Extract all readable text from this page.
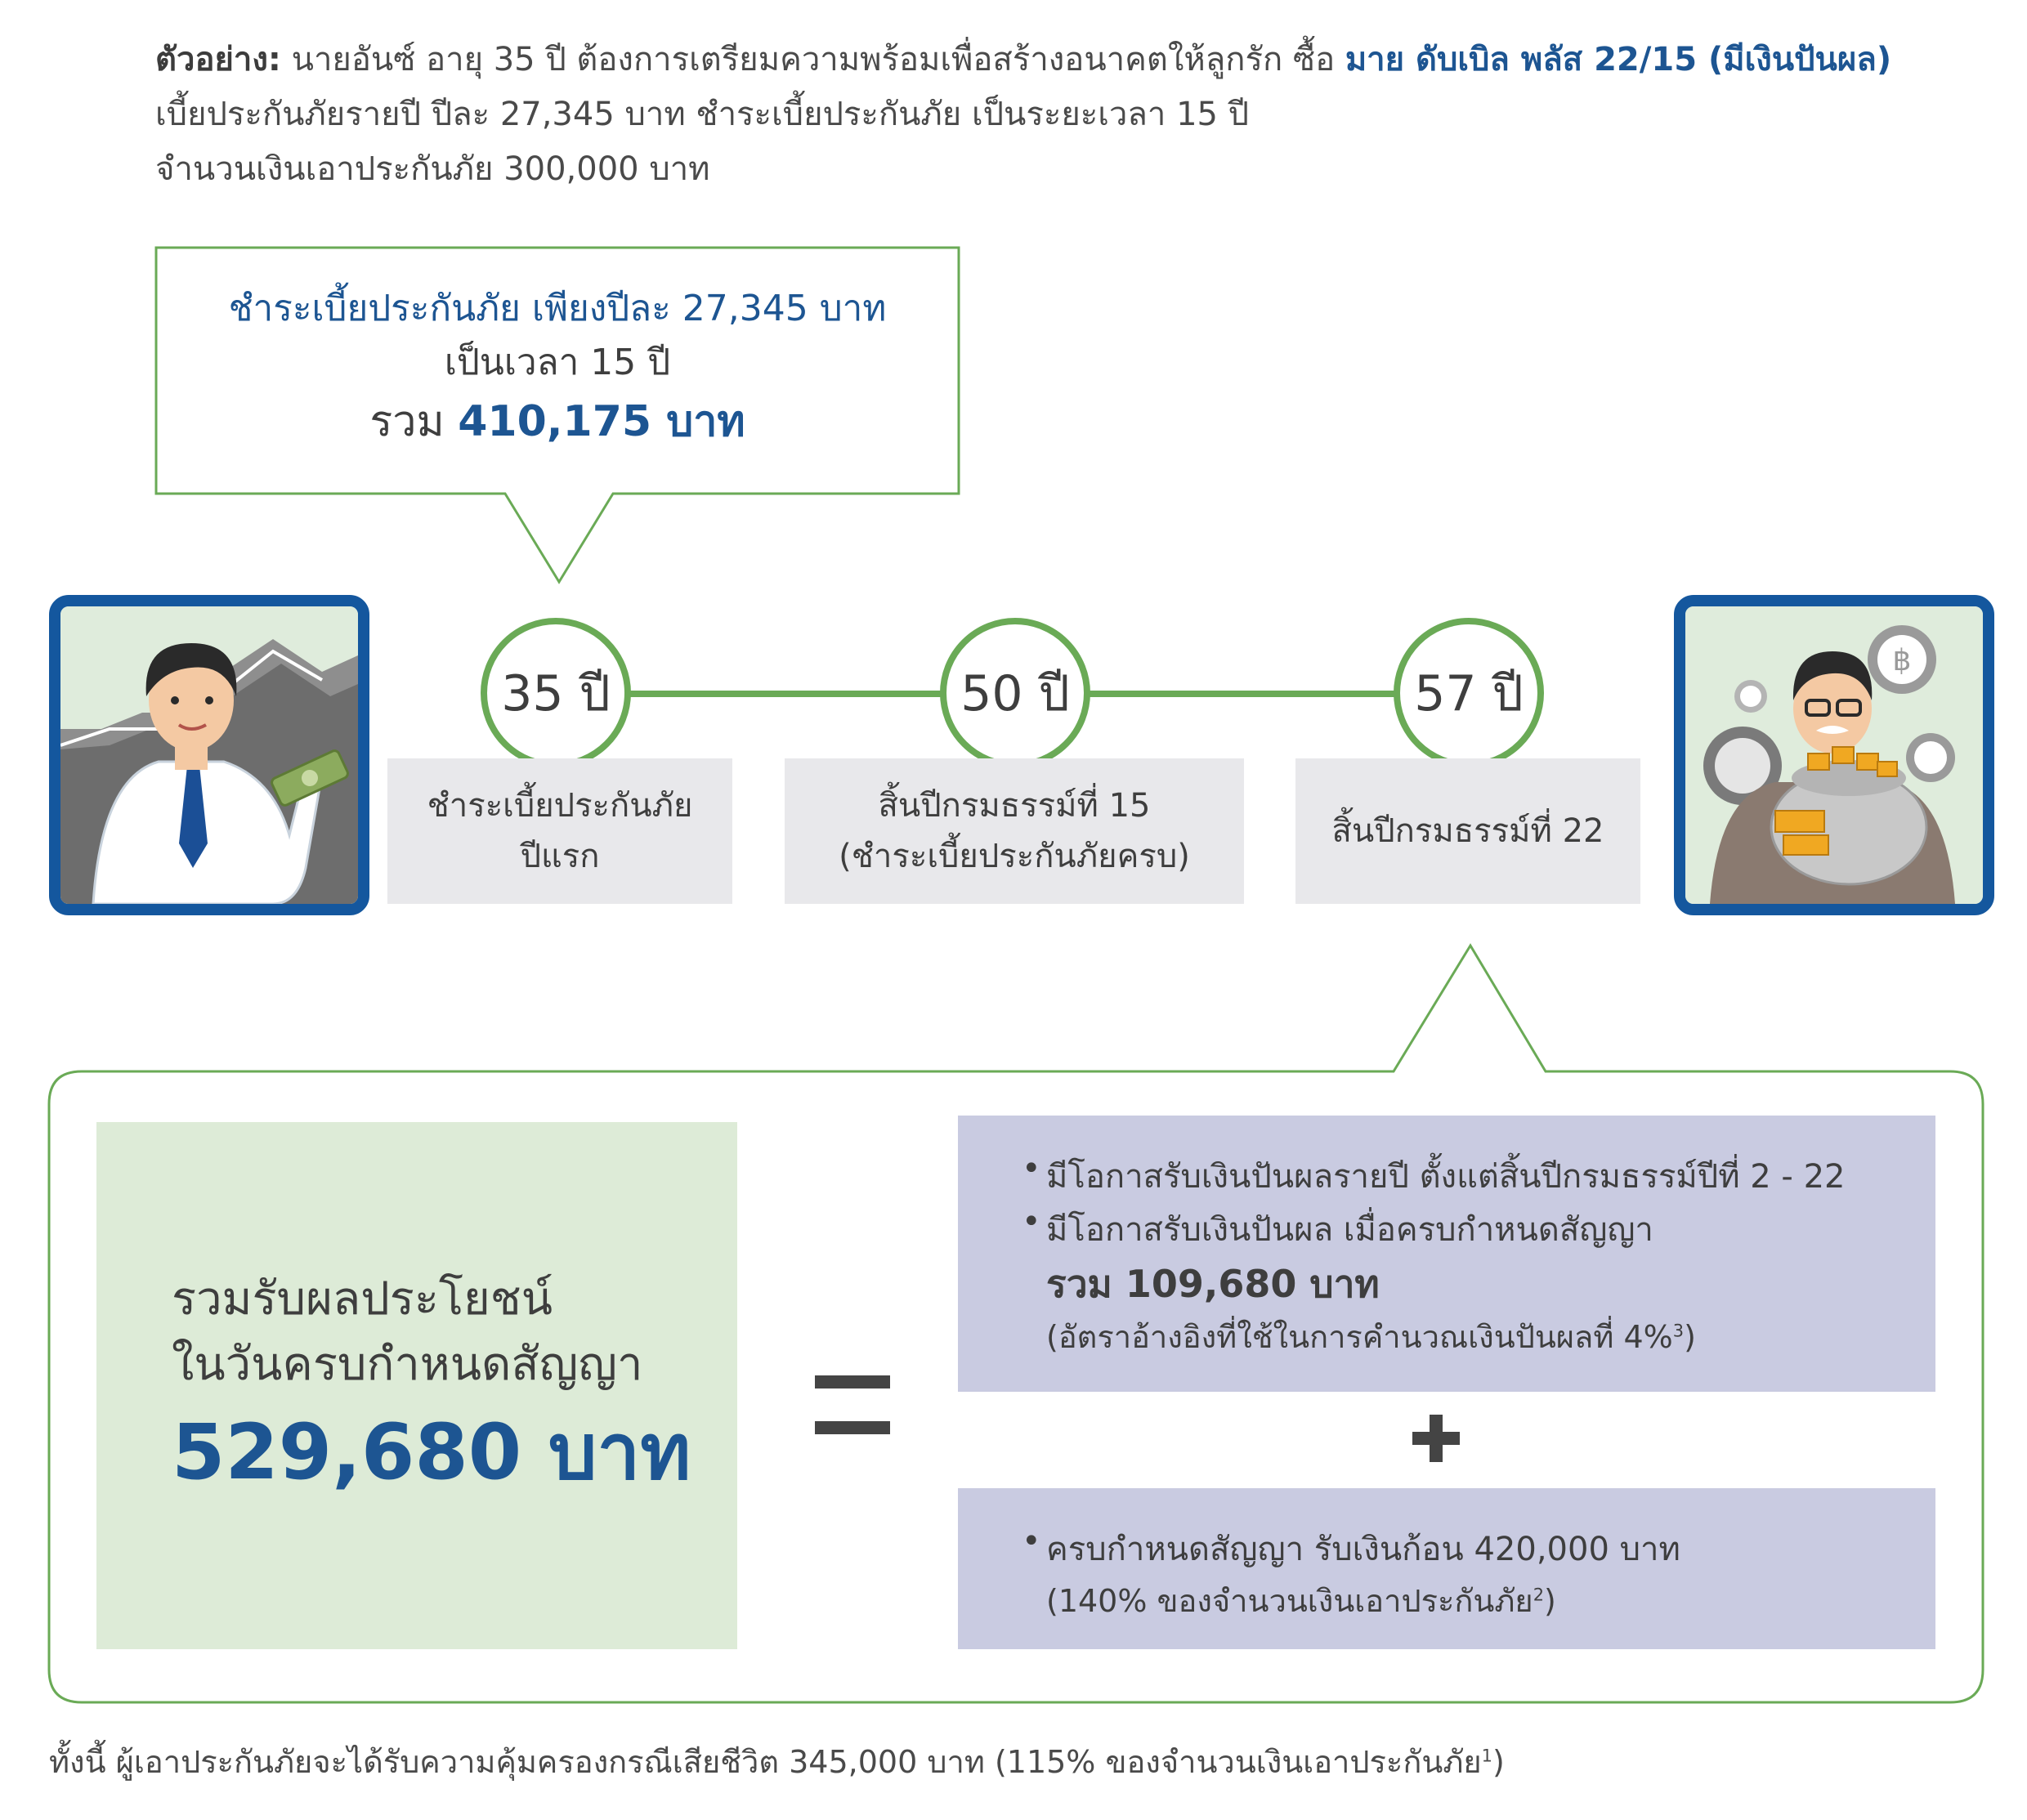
ตัวอย่าง: นายอันซ์ อายุ 35 ปี ต้องการเตรียมความพร้อมเพื่อสร้างอนาคตให้ลูกรัก ซื้อ มาย ดับเบิล พลัส 22/15 (มีเงินปันผล)

เบี้ยประกันภัยรายปี ปีละ 27,345 บาท ชำระเบี้ยประกันภัย เป็นระยะเวลา 15 ปี

จำนวนเงินเอาประกันภัย 300,000 บาท

ชำระเบี้ยประกันภัย เพียงปีละ 27,345 บาท
เป็นเวลา 15 ปี
รวม 410,175 บาท
฿
35 ปี	50 ปี	57 ปี
ชำระเบี้ยประกันภัย
ปีแรก
สิ้นปีกรมธรรม์ที่ 15
(ชำระเบี้ยประกันภัยครบ)
สิ้นปีกรมธรรม์ที่ 22
รวมรับผลประโยชน์
ในวันครบกำหนดสัญญา
529,680 บาท
• มีโอกาสรับเงินปันผลรายปี ตั้งแต่สิ้นปีกรมธรรม์ปีที่ 2 - 22
• มีโอกาสรับเงินปันผล เมื่อครบกำหนดสัญญา
รวม 109,680 บาท
(อัตราอ้างอิงที่ใช้ในการคำนวณเงินปันผลที่ 4%$^3$)
• ครบกำหนดสัญญา รับเงินก้อน 420,000 บาท
(140% ของจำนวนเงินเอาประกันภัย$^2$)
ทั้งนี้ ผู้เอาประกันภัยจะได้รับความคุ้มครองกรณีเสียชีวิต 345,000 บาท (115% ของจำนวนเงินเอาประกันภัย$^1$)
